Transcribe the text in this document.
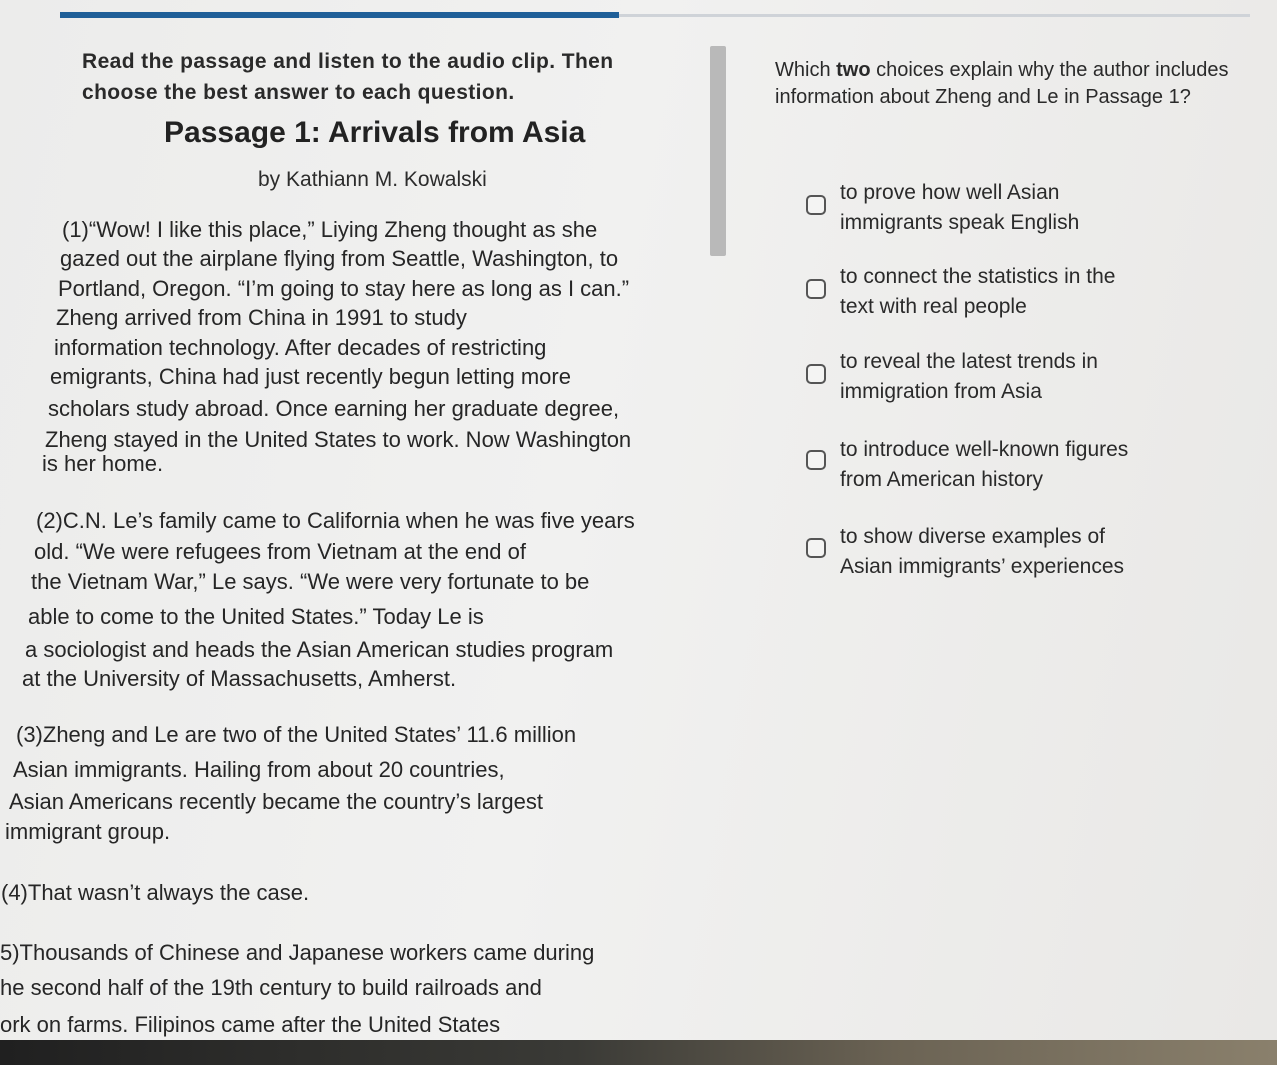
Read the passage and listen to the audio clip. Then
choose the best answer to each question.
Passage 1: Arrivals from Asia
by Kathiann M. Kowalski
(1)“Wow! I like this place,” Liying Zheng thought as she
gazed out the airplane flying from Seattle, Washington, to
Portland, Oregon. “I’m going to stay here as long as I can.”
Zheng arrived from China in 1991 to study
information technology. After decades of restricting
emigrants, China had just recently begun letting more
scholars study abroad. Once earning her graduate degree,
Zheng stayed in the United States to work. Now Washington
is her home.
(2)C.N. Le’s family came to California when he was five years
old. “We were refugees from Vietnam at the end of
the Vietnam War,” Le says. “We were very fortunate to be
able to come to the United States.” Today Le is
a sociologist and heads the Asian American studies program
at the University of Massachusetts, Amherst.
(3)Zheng and Le are two of the United States’ 11.6 million
Asian immigrants. Hailing from about 20 countries,
Asian Americans recently became the country’s largest
immigrant group.
(4)That wasn’t always the case.
5)Thousands of Chinese and Japanese workers came during
he second half of the 19th century to build railroads and
ork on farms. Filipinos came after the United States
Which two choices explain why the author includes information about Zheng and Le in Passage 1?
to prove how well Asian
immigrants speak English
to connect the statistics in the
text with real people
to reveal the latest trends in
immigration from Asia
to introduce well-known figures
from American history
to show diverse examples of
Asian immigrants’ experiences
